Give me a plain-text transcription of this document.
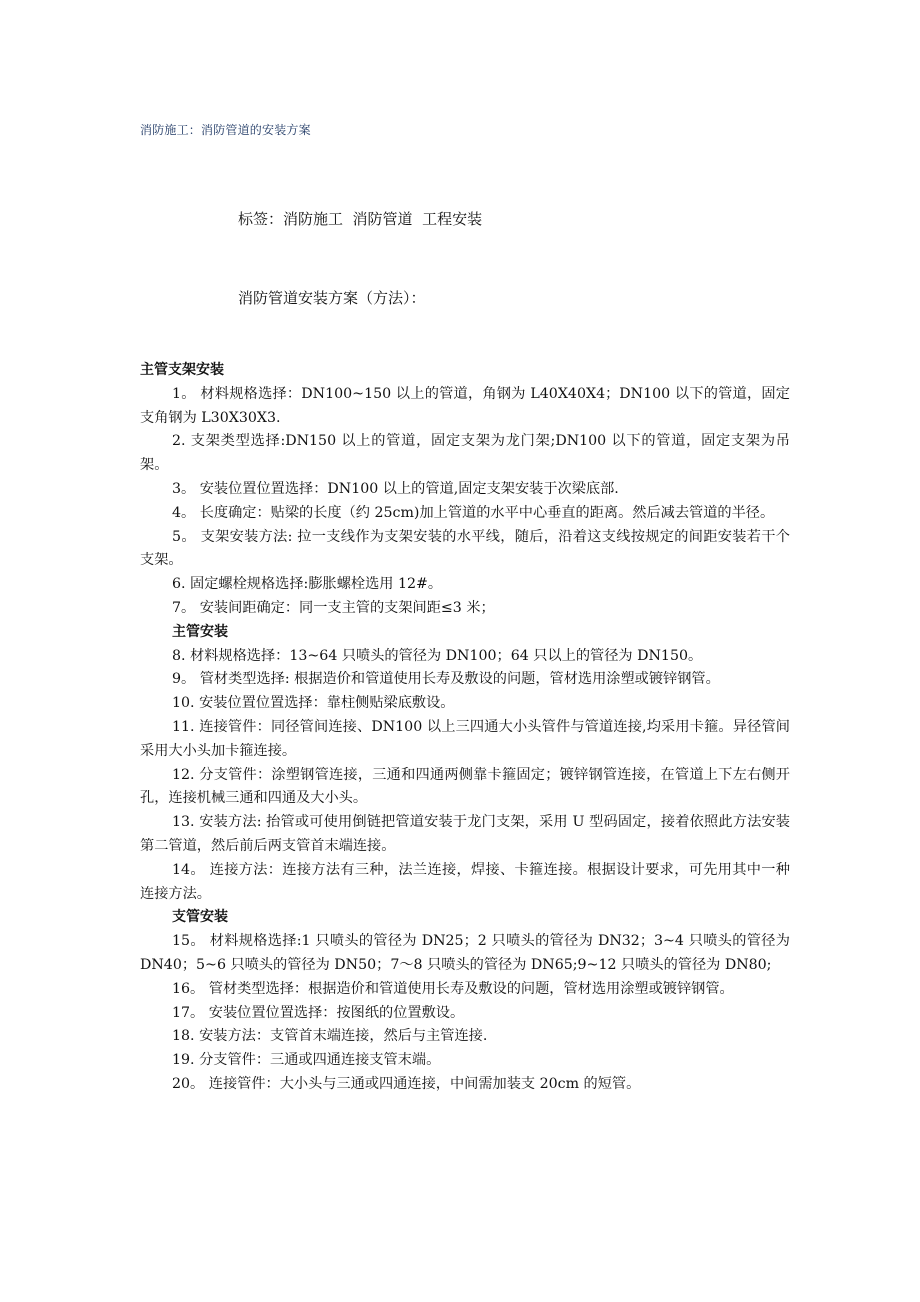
消防施工：消防管道的安装方案
标签：消防施工  消防管道  工程安装
消防管道安装方案（方法）：

主管支架安装

1。 材料规格选择：DN100~150 以上的管道，角钢为 L40X40X4；DN100 以下的管道，固定支角钢为 L30X30X3.

2. 支架类型选择:DN150 以上的管道，固定支架为龙门架;DN100 以下的管道，固定支架为吊架。

3。 安装位置位置选择：DN100 以上的管道,固定支架安装于次梁底部.

4。 长度确定：贴梁的长度（约 25cm)加上管道的水平中心垂直的距离。然后减去管道的半径。

5。 支架安装方法: 拉一支线作为支架安装的水平线，随后，沿着这支线按规定的间距安装若干个支架。

6. 固定螺栓规格选择:膨胀螺栓选用 12#。

7。 安装间距确定：同一支主管的支架间距≤3 米；

主管安装

8. 材料规格选择：13~64 只喷头的管径为 DN100；64 只以上的管径为 DN150。

9。 管材类型选择: 根据造价和管道使用长寿及敷设的问题，管材选用涂塑或镀锌钢管。

10. 安装位置位置选择：靠柱侧贴梁底敷设。

11. 连接管件：同径管间连接、DN100 以上三四通大小头管件与管道连接,均采用卡箍。异径管间采用大小头加卡箍连接。

12. 分支管件：涂塑钢管连接，三通和四通两侧靠卡箍固定；镀锌钢管连接，在管道上下左右侧开孔，连接机械三通和四通及大小头。

13. 安装方法: 抬管或可使用倒链把管道安装于龙门支架，采用 U 型码固定，接着依照此方法安装第二管道，然后前后两支管首末端连接。

14。 连接方法：连接方法有三种，法兰连接，焊接、卡箍连接。根据设计要求，可先用其中一种连接方法。

支管安装

15。 材料规格选择:1 只喷头的管径为 DN25；2 只喷头的管径为 DN32；3~4 只喷头的管径为 DN40；5~6 只喷头的管径为 DN50；7～8 只喷头的管径为 DN65;9~12 只喷头的管径为 DN80;

16。 管材类型选择：根据造价和管道使用长寿及敷设的问题，管材选用涂塑或镀锌钢管。

17。 安装位置位置选择：按图纸的位置敷设。

18. 安装方法：支管首末端连接，然后与主管连接.

19. 分支管件：三通或四通连接支管末端。

20。 连接管件：大小头与三通或四通连接，中间需加装支 20cm 的短管。
